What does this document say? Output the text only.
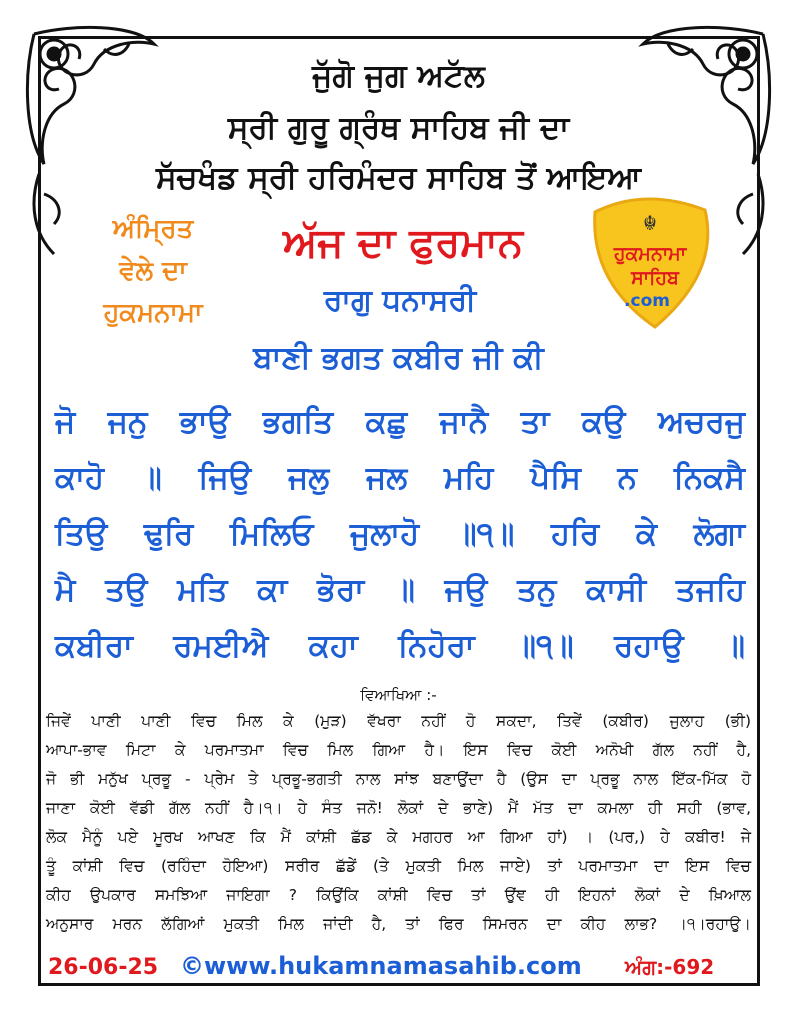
ਜੁੱਗੋ ਜੁਗ ਅਟੱਲ
ਸ੍ਰੀ ਗੁਰੂ ਗ੍ਰੰਥ ਸਾਹਿਬ ਜੀ ਦਾ
ਸੱਚਖੰਡ ਸ੍ਰੀ ਹਰਿਮੰਦਰ ਸਾਹਿਬ ਤੋਂ ਆਇਆ
ਅੰਮ੍ਰਿਤ
ਵੇਲੇ ਦਾ
ਹੁਕਮਨਾਮਾ
ਅੱਜ ਦਾ ਫੁਰਮਾਨ
ਰਾਗੁ ਧਨਾਸਰੀ
☬
ਹੁਕਮਨਾਮਾ
ਸਾਹਿਬ
.com
ਬਾਣੀ ਭਗਤ ਕਬੀਰ ਜੀ ਕੀ
ਜੋ ਜਨੁ ਭਾਉ ਭਗਤਿ ਕਛੁ ਜਾਨੈ ਤਾ ਕਉ ਅਚਰਜੁ
ਕਾਹੋ ॥ ਜਿਉ ਜਲੁ ਜਲ ਮਹਿ ਪੈਸਿ ਨ ਨਿਕਸੈ
ਤਿਉ ਢੁਰਿ ਮਿਲਿਓ ਜੁਲਾਹੋ ॥੧॥ ਹਰਿ ਕੇ ਲੋਗਾ
ਮੈ ਤਉ ਮਤਿ ਕਾ ਭੋਰਾ ॥ ਜਉ ਤਨੁ ਕਾਸੀ ਤਜਹਿ
ਕਬੀਰਾ ਰਮਈਐ ਕਹਾ ਨਿਹੋਰਾ ॥੧॥ ਰਹਾਉ ॥
ਵਿਆਖਿਆ :-
ਜਿਵੇਂ ਪਾਣੀ ਪਾਣੀ ਵਿਚ ਮਿਲ ਕੇ (ਮੁੜ) ਵੱਖਰਾ ਨਹੀਂ ਹੋ ਸਕਦਾ, ਤਿਵੇਂ (ਕਬੀਰ) ਜੁਲਾਹ (ਭੀ)
ਆਪਾ-ਭਾਵ ਮਿਟਾ ਕੇ ਪਰਮਾਤਮਾ ਵਿਚ ਮਿਲ ਗਿਆ ਹੈ। ਇਸ ਵਿਚ ਕੋਈ ਅਨੋਖੀ ਗੱਲ ਨਹੀਂ ਹੈ,
ਜੋ ਭੀ ਮਨੁੱਖ ਪ੍ਰਭੂ - ਪ੍ਰੇਮ ਤੇ ਪ੍ਰਭੂ-ਭਗਤੀ ਨਾਲ ਸਾਂਝ ਬਣਾਉਂਦਾ ਹੈ (ਉਸ ਦਾ ਪ੍ਰਭੂ ਨਾਲ ਇੱਕ-ਮਿੱਕ ਹੋ
ਜਾਣਾ ਕੋਈ ਵੱਡੀ ਗੱਲ ਨਹੀਂ ਹੈ।੧। ਹੇ ਸੰਤ ਜਨੋ! ਲੋਕਾਂ ਦੇ ਭਾਣੇ) ਮੈਂ ਮੱਤ ਦਾ ਕਮਲਾ ਹੀ ਸਹੀ (ਭਾਵ,
ਲੋਕ ਮੈਨੂੰ ਪਏ ਮੂਰਖ ਆਖਣ ਕਿ ਮੈਂ ਕਾਂਸ਼ੀ ਛੱਡ ਕੇ ਮਗਹਰ ਆ ਗਿਆ ਹਾਂ) । (ਪਰ,) ਹੇ ਕਬੀਰ! ਜੇ
ਤੂੰ ਕਾਂਸ਼ੀ ਵਿਚ (ਰਹਿੰਦਾ ਹੋਇਆ) ਸਰੀਰ ਛੱਡੇਂ (ਤੇ ਮੁਕਤੀ ਮਿਲ ਜਾਏ) ਤਾਂ ਪਰਮਾਤਮਾ ਦਾ ਇਸ ਵਿਚ
ਕੀਹ ਉਪਕਾਰ ਸਮਝਿਆ ਜਾਇਗਾ ? ਕਿਉਂਕਿ ਕਾਂਸ਼ੀ ਵਿਚ ਤਾਂ ਉਂਞ ਹੀ ਇਹਨਾਂ ਲੋਕਾਂ ਦੇ ਖ਼ਿਆਲ
ਅਨੁਸਾਰ ਮਰਨ ਲੱਗਿਆਂ ਮੁਕਤੀ ਮਿਲ ਜਾਂਦੀ ਹੈ, ਤਾਂ ਫਿਰ ਸਿਮਰਨ ਦਾ ਕੀਹ ਲਾਭ? ।੧।ਰਹਾਉ।
26-06-25 ©www.hukamnamasahib.com ਅੰਗ:-692
